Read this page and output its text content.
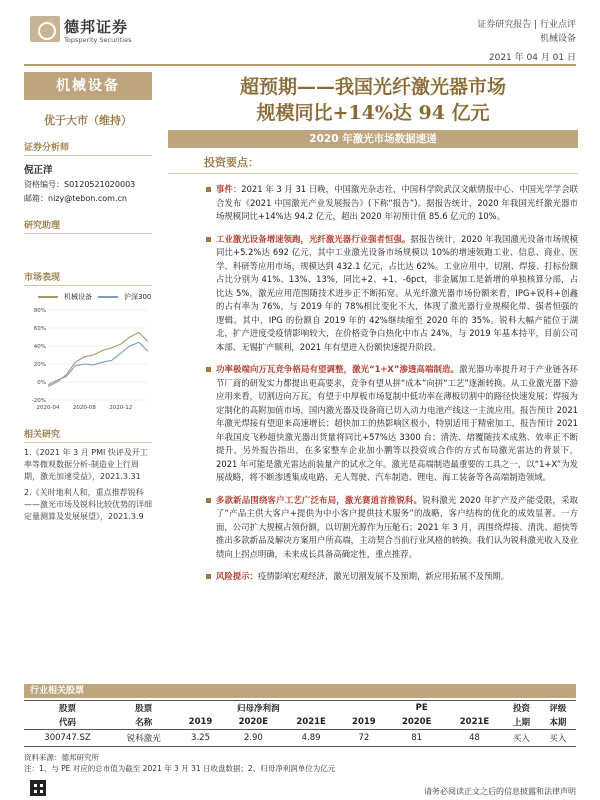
德邦证券
Topsperity Securities
证券研究报告 | 行业点评
机械设备
2021 年 04 月 01 日
机械设备
优于大市（维持）
证券分析师
倪正洋
资格编号：S0120521020003
邮箱：nizy@tebon.com.cn
研究助理
市场表现
机械设备	沪深300
-20%
0%
20%
40%
60%
80%
2020-04 2020-08 2020-12
相关研究
1.《2021 年 3 月 PMI 快评及开工率等微观数据分析-制造业上行周期，激光加速受益》，2021.3.31
2.《关时地利人和，重点推荐锐科——激光市场及锐科比较优势的详细定量测算及发展展望》，2021.3.9
超预期——我国光纤激光器市场
规模同比+14%达 94 亿元
2020 年激光市场数据速递
投资要点：
事件：2021 年 3 月 31 日晚，中国激光杂志社，中国科学院武汉文献情报中心、中国光学学会联合发布《2021 中国激光产业发展报告》(下称“报告”)。据报告统计，2020 年我国光纤激光器市场规模同比+14%达 94.2 亿元，超出 2020 年初预计值 85.6 亿元的 10%。
工业激光设备增速领跑，光纤激光器行业强者恒强。据报告统计，2020 年我国激光设备市场规模同比+5.2%达 692 亿元，其中工业激光设备市场规模以 10%的增速领跑工业、信息、商业、医学、科研等应用市场，规模达到 432.1 亿元，占比达 62%。工业应用中，切割、焊接、打标份额占比分别为 41%、13%、13%，同比+2、+1、-6pct，非金属加工是新增的单独核算分部，占比达 5%，激光应用范围随技术进步正不断拓宽。从光纤激光器市场份额来看，IPG+锐科+创鑫的占有率为 76%，与 2019 年的 78%相比变化不大，体现了激光器行业规模化带、强者恒强的逻辑。其中，IPG 的份额自 2019 年的 42%继续缩至 2020 年的 35%。锐科大幅产能位于湖北，扩产进度受疫情影响较大，在价格竞争白热化中市占 24%，与 2019 年基本持平，目前公司本部、无锡扩产顺利，2021 年有望进入份额快速提升阶段。
功率极端向万瓦竞争格局有望调整，激光“1+X”渗透高端制造。激光器功率提升对于产业链各环节厂商的研发实力都提出更高要求，竞争有望从拼“成本”向拼“工艺”逐渐转换。从工业激光器下游应用来看，切割迈向万瓦，有望于中厚板市场复制中低功率在薄板切割中的路径快速发展；焊接为定制化的高附加值市场，国内激光器及设备商已切入动力电池产线这一主流应用。报告预计 2021 年激光焊接有望迎来高速增长；超快加工的热影响区极小，特别适用于精密加工，报告预计 2021 年我国皮飞秒超快激光器出货量将同比+57%达 3300 台；清洗、熔覆随技术成熟、效率正不断提升。另外报告指出，在多家整车企业加小鹏等以投资或合作的方式布局激光雷达的背景下，2021 年可能是激光雷达前装量产的试水之年。激光是高端制造最重要的工具之一，以“1+X”为发展战略，将不断渗透集成电路、无人驾驶、汽车制造、锂电、海工装备等各高端制造领域。
多款新品围绕客户工艺广泛布局，激光赛道首推锐科。锐科激光 2020 年扩产及产能受限，采取了“产品主供大客户+提供为中小客户提供技术服务”的战略，客户结构的优化的成效显著。一方面，公司扩大规模占领份额，以切割光源作为压舱石；2021 年 3 月，再围绕焊接、清洗、超快等推出多款新品及解决方案用户所高端，主动契合当前行业风格的转换。我们认为锐科激光收入及业绩向上拐点明确，未来成长具备高确定性，重点推荐。
风险提示：疫情影响宏观经济，激光切割发展不及预期，新应用拓展不及预期。
行业相关股票
股票	股票	归母净利润			PE			投资	评级
代码	名称	2019	2020E	2021E	2019	2020E	2021E	上期	本期
300747.SZ	锐科激光	3.25	2.90	4.89	72	81	48	买入	买入
资料来源：德邦研究所
注：1、与 PE 对应的总市值为截至 2021 年 3 月 31 日收盘数据；2、归母净利润单位为亿元
请务必阅读正文之后的信息披露和法律声明
